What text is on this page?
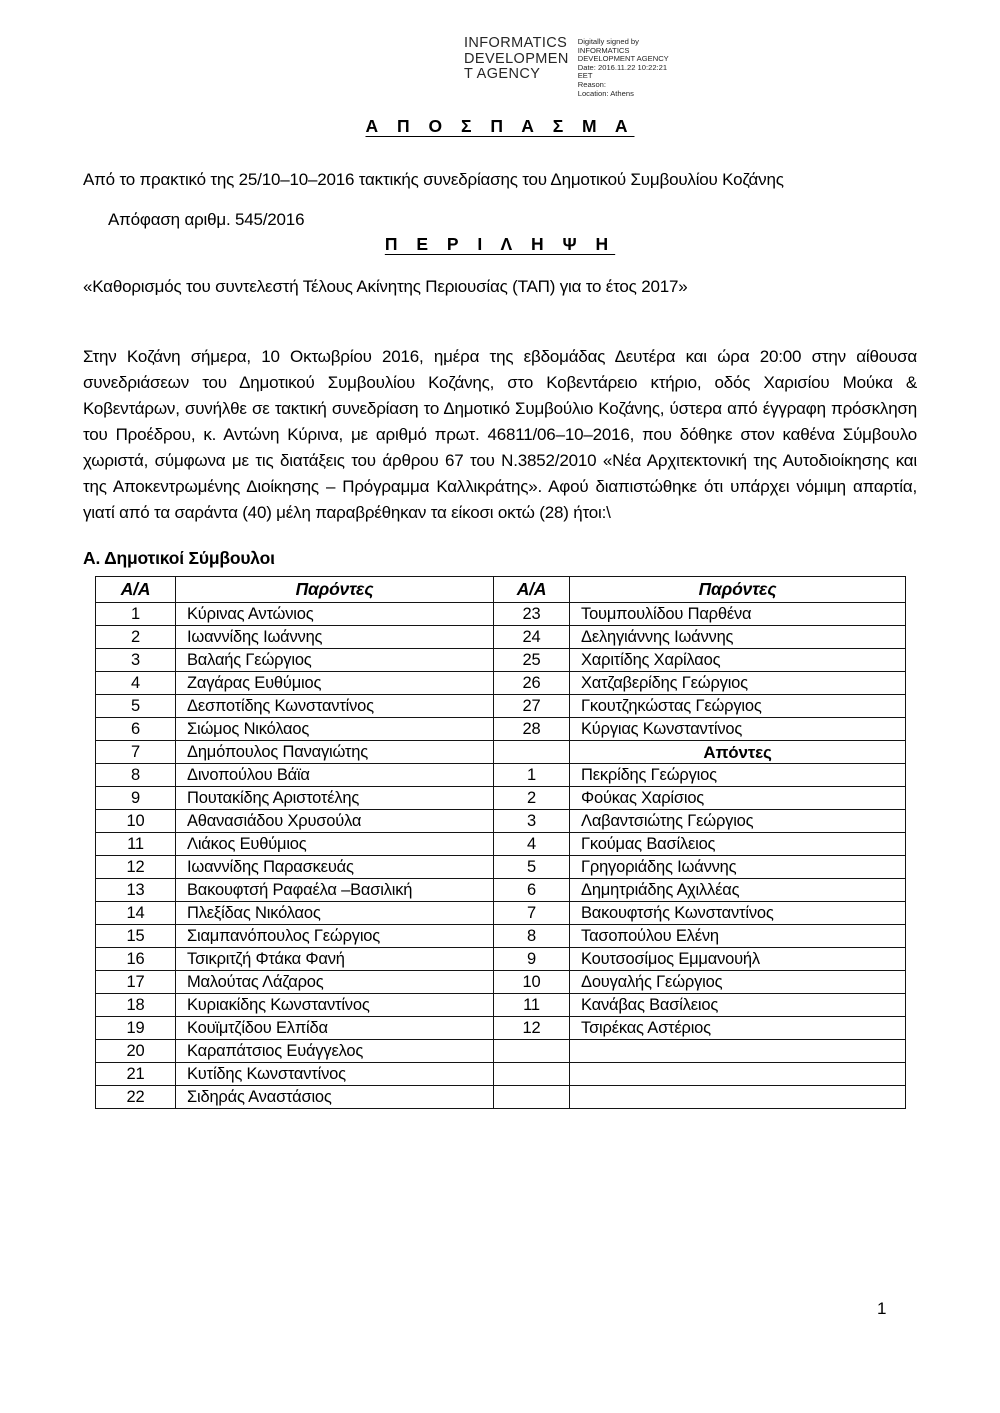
INFORMATICS
DEVELOPMEN
T AGENCY
Digitally signed by
INFORMATICS
DEVELOPMENT AGENCY
Date: 2016.11.22 10:22:21
EET
Reason:
Location: Athens
Α Π Ο Σ Π Α Σ Μ Α

Από το πρακτικό της 25/10–10–2016 τακτικής συνεδρίασης του Δημοτικού Συμβουλίου Κοζάνης

Απόφαση αριθμ. 545/2016

Π Ε Ρ Ι Λ Η Ψ Η

«Καθορισμός του συντελεστή Τέλους Ακίνητης Περιουσίας (ΤΑΠ) για το έτος 2017»

Στην Κοζάνη σήμερα, 10 Οκτωβρίου 2016, ημέρα της εβδομάδας Δευτέρα και ώρα 20:00 στην αίθουσα συνεδριάσεων του Δημοτικού Συμβουλίου Κοζάνης, στο Κοβεντάρειο κτήριο, οδός Χαρισίου Μούκα & Κοβεντάρων, συνήλθε σε τακτική συνεδρίαση το Δημοτικό Συμβούλιο Κοζάνης, ύστερα από έγγραφη πρόσκληση του Προέδρου, κ. Αντώνη Κύρινα, με αριθμό πρωτ. 46811/06–10–2016, που δόθηκε στον καθένα Σύμβουλο χωριστά, σύμφωνα με τις διατάξεις του άρθρου 67 του Ν.3852/2010 «Νέα Αρχιτεκτονική της Αυτοδιοίκησης και της Αποκεντρωμένης Διοίκησης – Πρόγραμμα Καλλικράτης». Αφού διαπιστώθηκε ότι υπάρχει νόμιμη απαρτία, γιατί από τα σαράντα (40) μέλη παραβρέθηκαν τα είκοσι οκτώ (28) ήτοι:\

Α. Δημοτικοί Σύμβουλοι
Α/Α	Παρόντες	Α/Α	Παρόντες
1	Κύρινας Αντώνιος	23	Τουμπουλίδου Παρθένα
2	Ιωαννίδης Ιωάννης	24	Δεληγιάννης Ιωάννης
3	Βαλαής Γεώργιος	25	Χαριτίδης Χαρίλαος
4	Ζαγάρας Ευθύμιος	26	Χατζαβερίδης Γεώργιος
5	Δεσποτίδης Κωνσταντίνος	27	Γκουτζηκώστας Γεώργιος
6	Σιώμος Νικόλαος	28	Κύργιας Κωνσταντίνος
7	Δημόπουλος Παναγιώτης		Απόντες
8	Δινοπούλου Βάϊα	1	Πεκρίδης Γεώργιος
9	Πουτακίδης Αριστοτέλης	2	Φούκας Χαρίσιος
10	Αθανασιάδου Χρυσούλα	3	Λαβαντσιώτης Γεώργιος
11	Λιάκος Ευθύμιος	4	Γκούμας Βασίλειος
12	Ιωαννίδης Παρασκευάς	5	Γρηγοριάδης Ιωάννης
13	Βακουφτσή Ραφαέλα –Βασιλική	6	Δημητριάδης Αχιλλέας
14	Πλεξίδας Νικόλαος	7	Βακουφτσής Κωνσταντίνος
15	Σιαμπανόπουλος Γεώργιος	8	Τασοπούλου Ελένη
16	Τσικριτζή Φτάκα Φανή	9	Κουτσοσίμος Εμμανουήλ
17	Μαλούτας Λάζαρος	10	Δουγαλής Γεώργιος
18	Κυριακίδης Κωνσταντίνος	11	Κανάβας Βασίλειος
19	Κουϊμτζίδου Ελπίδα	12	Τσιρέκας Αστέριος
20	Καραπάτσιος Ευάγγελος		
21	Κυτίδης Κωνσταντίνος		
22	Σιδηράς Αναστάσιος		
1
